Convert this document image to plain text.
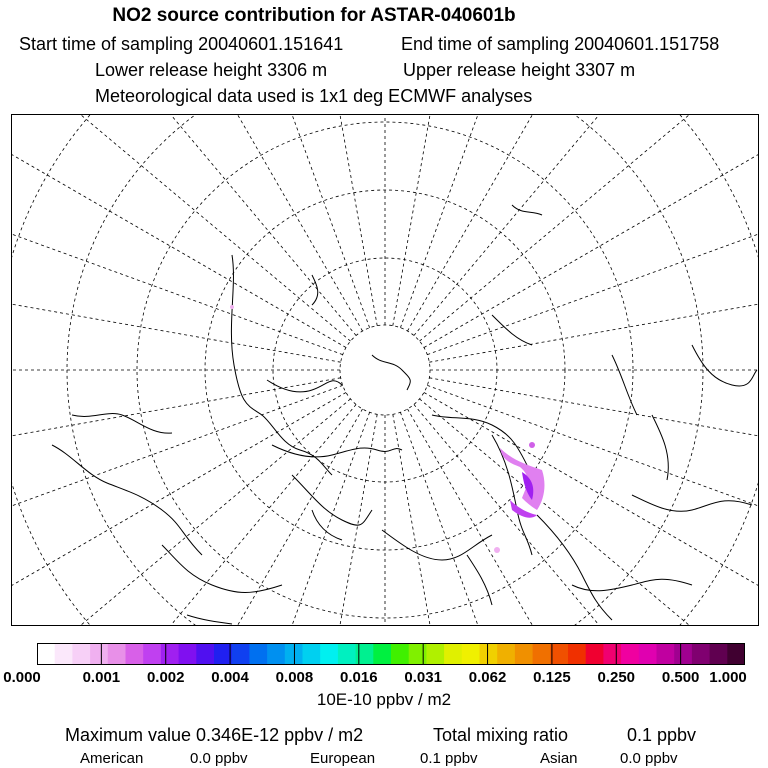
NO2 source contribution for ASTAR-040601b
Start time of sampling 20040601.151641	End time of sampling 20040601.151758
Lower release height 3306 m	Upper release height 3307 m
Meteorological data used is 1x1 deg ECMWF analyses
0.000	0.001 0.002 0.004 0.008 0.016 0.031 0.062 0.125 0.250 0.500 1.000
10E-10 ppbv / m2
Maximum value 0.346E-12 ppbv / m2	Total mixing ratio	0.1 ppbv
American	0.0 ppbv	European	0.1 ppbv	Asian	0.0 ppbv
